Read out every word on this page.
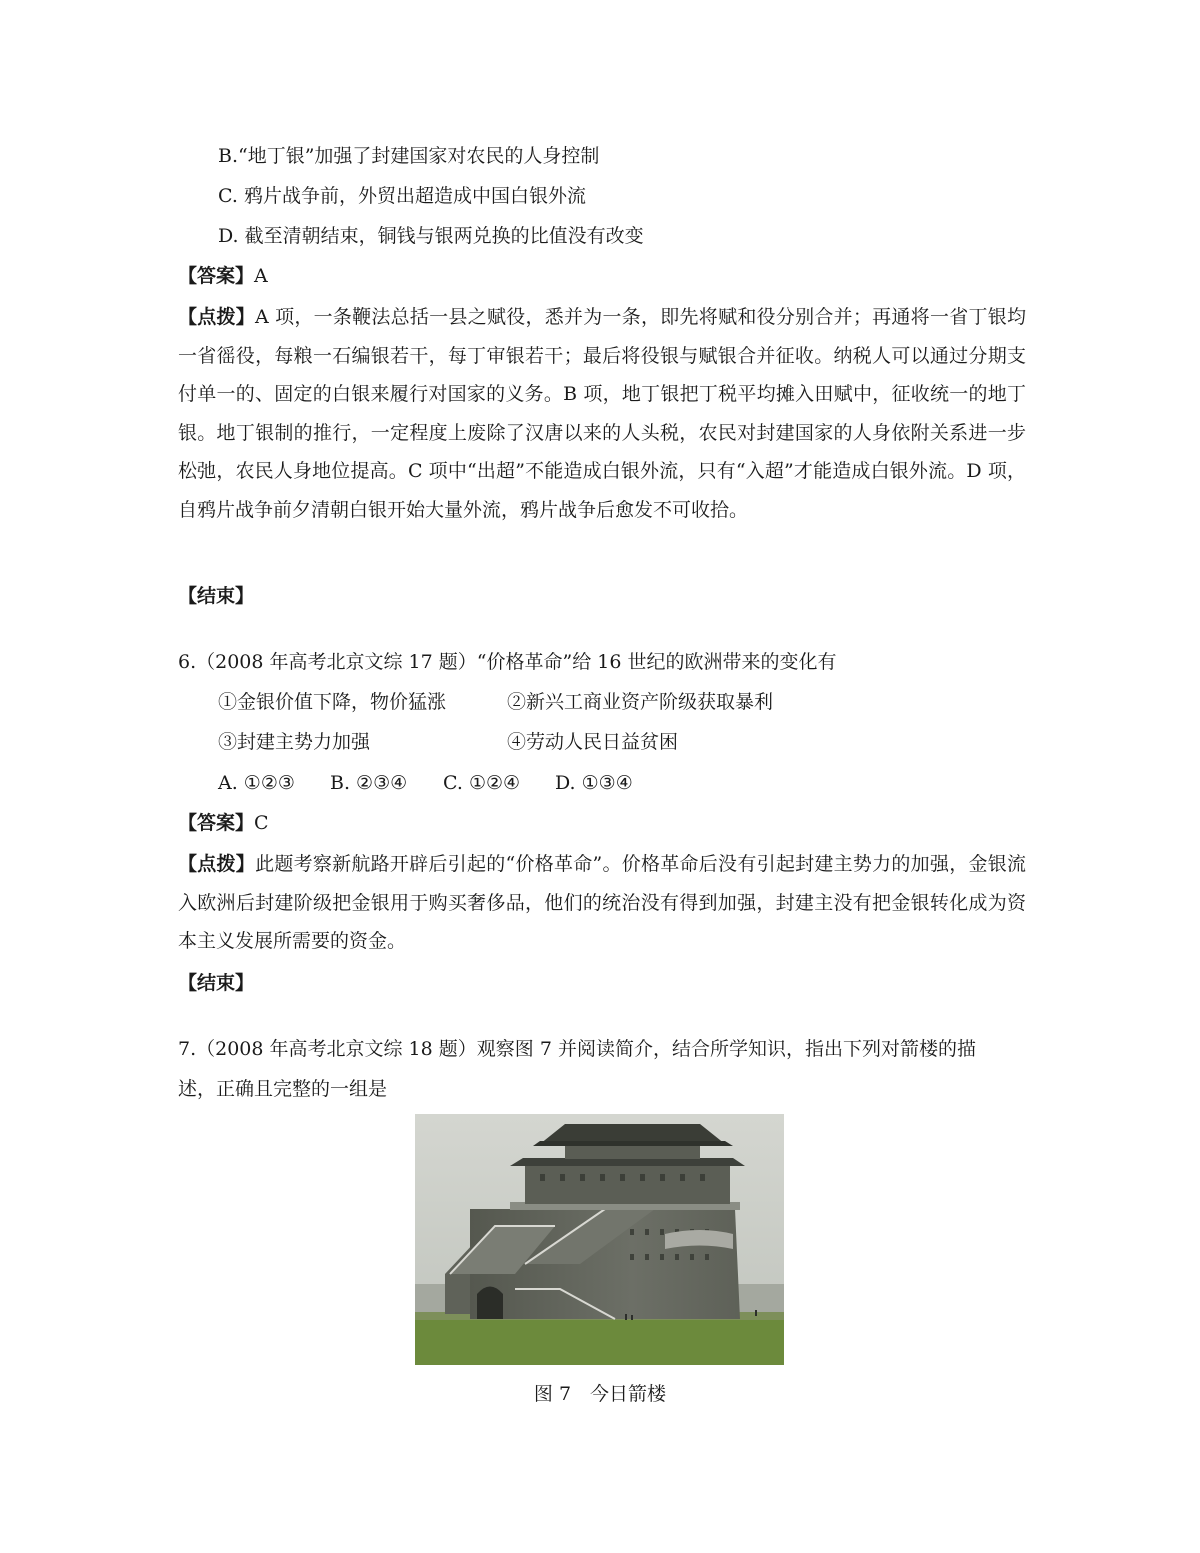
B.“地丁银”加强了封建国家对农民的人身控制
C. 鸦片战争前，外贸出超造成中国白银外流
D. 截至清朝结束，铜钱与银两兑换的比值没有改变
【答案】A
【点拨】A 项，一条鞭法总括一县之赋役，悉并为一条，即先将赋和役分别合并；再通将一省丁银均一省徭役，每粮一石编银若干，每丁审银若干；最后将役银与赋银合并征收。纳税人可以通过分期支付单一的、固定的白银来履行对国家的义务。B 项，地丁银把丁税平均摊入田赋中，征收统一的地丁银。地丁银制的推行，一定程度上废除了汉唐以来的人头税，农民对封建国家的人身依附关系进一步松弛，农民人身地位提高。C 项中“出超”不能造成白银外流，只有“入超”才能造成白银外流。D 项，自鸦片战争前夕清朝白银开始大量外流，鸦片战争后愈发不可收拾。
【结束】
6.（2008 年高考北京文综 17 题）“价格革命”给 16 世纪的欧洲带来的变化有
①金银价值下降，物价猛涨	②新兴工商业资产阶级获取暴利
③封建主势力加强	④劳动人民日益贫困
A. ①②③ B. ②③④ C. ①②④ D. ①③④
【答案】C
【点拨】此题考察新航路开辟后引起的“价格革命”。价格革命后没有引起封建主势力的加强，金银流入欧洲后封建阶级把金银用于购买奢侈品，他们的统治没有得到加强，封建主没有把金银转化成为资本主义发展所需要的资金。
【结束】
7.（2008 年高考北京文综 18 题）观察图 7 并阅读简介，结合所学知识，指出下列对箭楼的描
述，正确且完整的一组是
图 7　今日箭楼
